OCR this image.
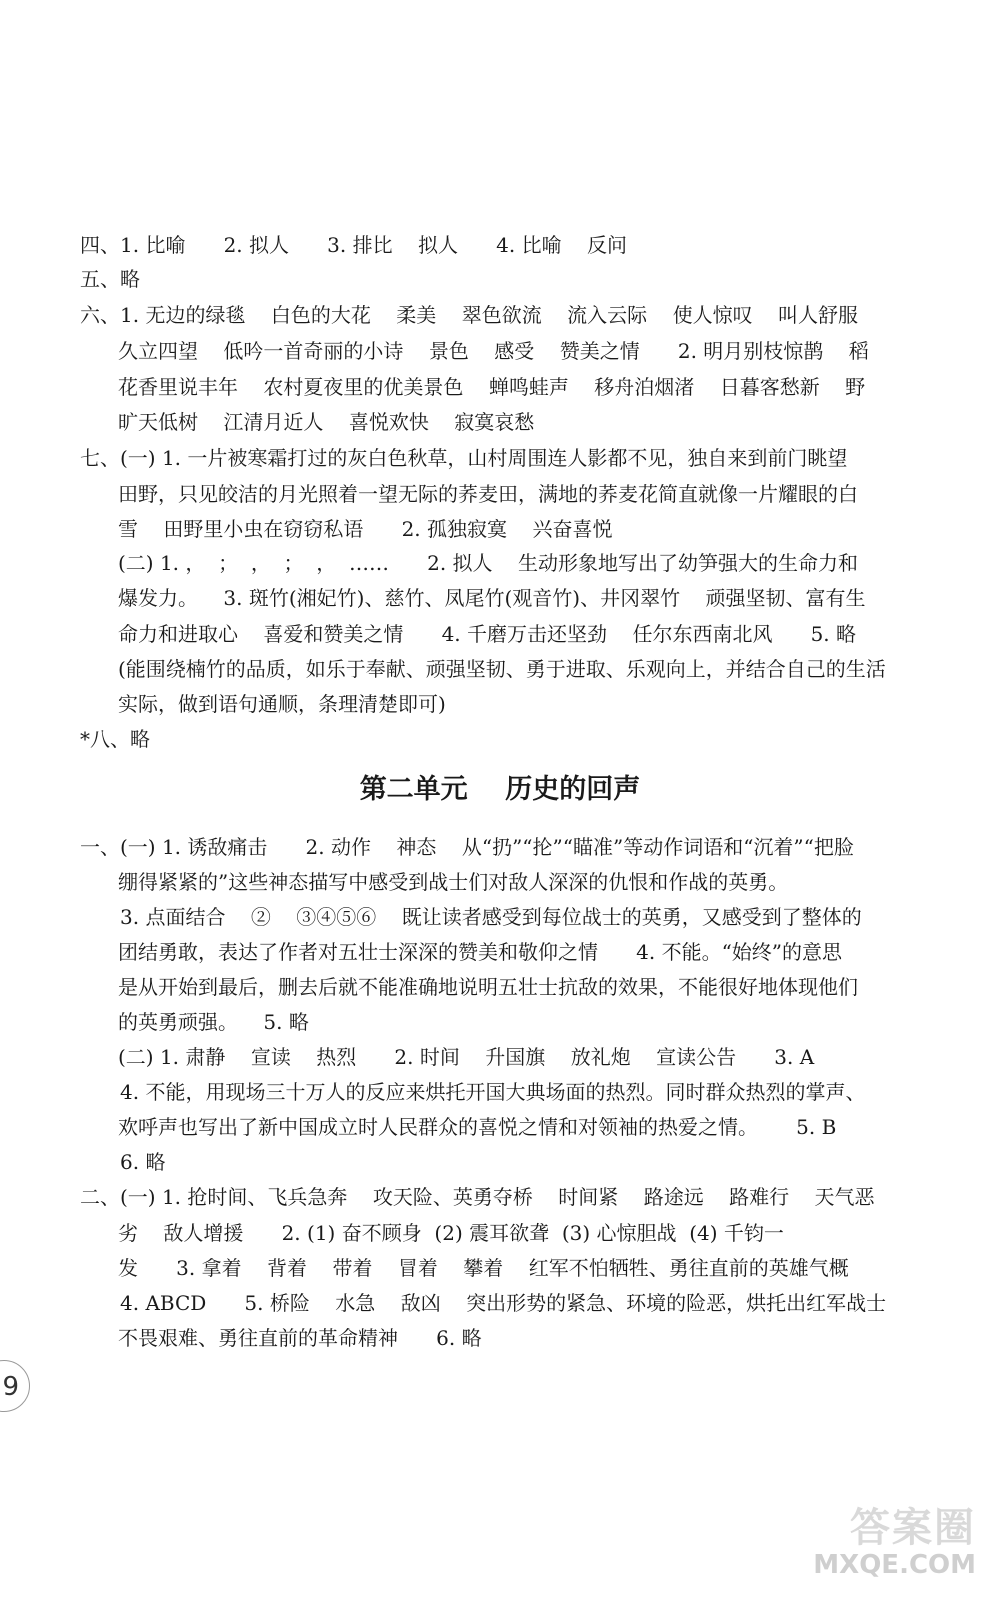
四、1. 比喻      2. 拟人      3. 排比    拟人      4. 比喻    反问

五、略

六、1. 无边的绿毯    白色的大花    柔美    翠色欲流    流入云际    使人惊叹    叫人舒服

久立四望    低吟一首奇丽的小诗    景色    感受    赞美之情      2. 明月别枝惊鹊    稻

花香里说丰年    农村夏夜里的优美景色    蝉鸣蛙声    移舟泊烟渚    日暮客愁新    野

旷天低树    江清月近人    喜悦欢快    寂寞哀愁

七、(一) 1. 一片被寒霜打过的灰白色秋草，山村周围连人影都不见，独自来到前门眺望

田野，只见皎洁的月光照着一望无际的荞麦田，满地的荞麦花简直就像一片耀眼的白

雪    田野里小虫在窃窃私语      2. 孤独寂寞    兴奋喜悦

(二) 1. ，  ；  ，  ；  ，  ……      2. 拟人    生动形象地写出了幼笋强大的生命力和

爆发力。    3. 斑竹(湘妃竹)、慈竹、凤尾竹(观音竹)、井冈翠竹    顽强坚韧、富有生

命力和进取心    喜爱和赞美之情      4. 千磨万击还坚劲    任尔东西南北风      5. 略

(能围绕楠竹的品质，如乐于奉献、顽强坚韧、勇于进取、乐观向上，并结合自己的生活

实际，做到语句通顺，条理清楚即可)

*八、略

第二单元    历史的回声

一、(一) 1. 诱敌痛击      2. 动作    神态    从“扔”“抡”“瞄准”等动作词语和“沉着”“把脸

绷得紧紧的”这些神态描写中感受到战士们对敌人深深的仇恨和作战的英勇。

3. 点面结合    ②    ③④⑤⑥    既让读者感受到每位战士的英勇，又感受到了整体的

团结勇敢，表达了作者对五壮士深深的赞美和敬仰之情      4. 不能。“始终”的意思

是从开始到最后，删去后就不能准确地说明五壮士抗敌的效果，不能很好地体现他们

的英勇顽强。    5. 略

(二) 1. 肃静    宣读    热烈      2. 时间    升国旗    放礼炮    宣读公告      3. A

4. 不能，用现场三十万人的反应来烘托开国大典场面的热烈。同时群众热烈的掌声、

欢呼声也写出了新中国成立时人民群众的喜悦之情和对领袖的热爱之情。      5. B

6. 略

二、(一) 1. 抢时间、飞兵急奔    攻天险、英勇夺桥    时间紧    路途远    路难行    天气恶

劣    敌人增援      2. (1) 奋不顾身  (2) 震耳欲聋  (3) 心惊胆战  (4) 千钧一

发      3. 拿着    背着    带着    冒着    攀着    红军不怕牺牲、勇往直前的英雄气概

4. ABCD      5. 桥险    水急    敌凶    突出形势的紧急、环境的险恶，烘托出红军战士

不畏艰难、勇往直前的革命精神      6. 略

9
答案圈
MXQE.COM
